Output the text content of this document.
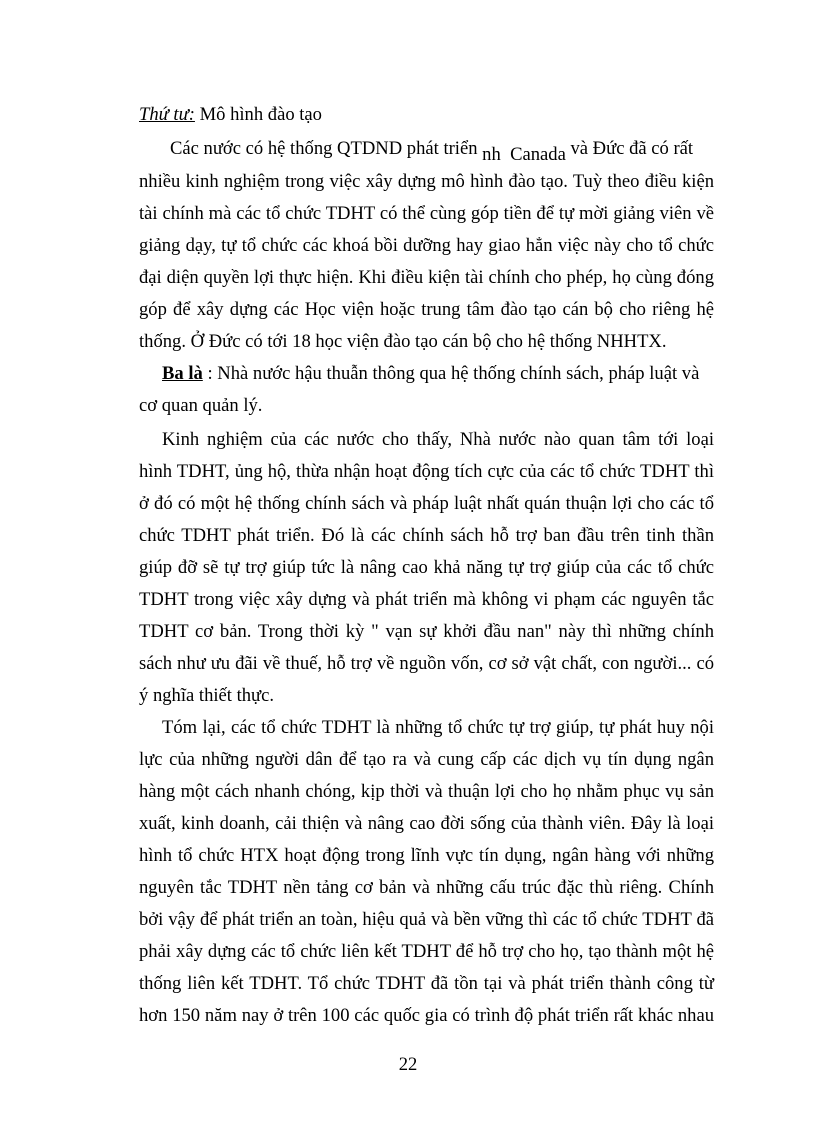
Thứ tư: Mô hình đào tạo
Các nước có hệ thống QTDND phát triển nh Canada và Đức đã có rất
nhiều kinh nghiệm trong việc xây dựng mô hình đào tạo. Tuỳ theo điều kiện
tài chính mà các tổ chức TDHT có thể cùng góp tiền để tự mời giảng viên về
giảng dạy, tự tổ chức các khoá bồi dưỡng hay giao hẳn việc này cho tổ chức
đại diện quyền lợi thực hiện. Khi điều kiện tài chính cho phép, họ cùng đóng
góp để xây dựng các Học viện hoặc trung tâm đào tạo cán bộ cho riêng hệ
thống. Ở Đức có tới 18 học viện đào tạo cán bộ cho hệ thống NHHTX.
Ba là : Nhà nước hậu thuẫn thông qua hệ thống chính sách, pháp luật và
cơ quan quản lý.
Kinh nghiệm của các nước cho thấy, Nhà nước nào quan tâm tới loại
hình TDHT, ủng hộ, thừa nhận hoạt động tích cực của các tổ chức TDHT thì
ở đó có một hệ thống chính sách và pháp luật nhất quán thuận lợi cho các tổ
chức TDHT phát triển. Đó là các chính sách hỗ trợ ban đầu trên tinh thần
giúp đỡ sẽ tự trợ giúp tức là nâng cao khả năng tự trợ giúp của các tổ chức
TDHT trong việc xây dựng và phát triển mà không vi phạm các nguyên tắc
TDHT cơ bản. Trong thời kỳ " vạn sự khởi đầu nan" này thì những chính
sách như ưu đãi về thuế, hỗ trợ về nguồn vốn, cơ sở vật chất, con người... có
ý nghĩa thiết thực.
Tóm lại, các tổ chức TDHT là những tổ chức tự trợ giúp, tự phát huy nội
lực của những người dân để tạo ra và cung cấp các dịch vụ tín dụng ngân
hàng một cách nhanh chóng, kịp thời và thuận lợi cho họ nhằm phục vụ sản
xuất, kinh doanh, cải thiện và nâng cao đời sống của thành viên. Đây là loại
hình tổ chức HTX hoạt động trong lĩnh vực tín dụng, ngân hàng với những
nguyên tắc TDHT nền tảng cơ bản và những cấu trúc đặc thù riêng. Chính
bởi vậy để phát triển an toàn, hiệu quả và bền vững thì các tổ chức TDHT đã
phải xây dựng các tổ chức liên kết TDHT để hỗ trợ cho họ, tạo thành một hệ
thống liên kết TDHT. Tổ chức TDHT đã tồn tại và phát triển thành công từ
hơn 150 năm nay ở trên 100 các quốc gia có trình độ phát triển rất khác nhau
22
